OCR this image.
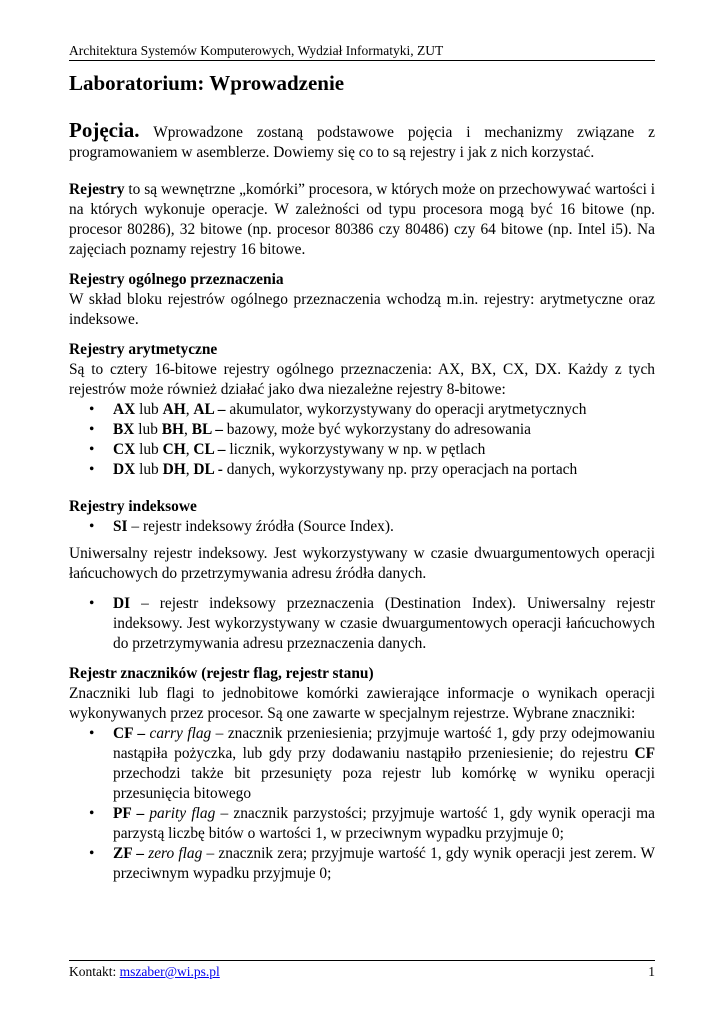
Architektura Systemów Komputerowych, Wydział Informatyki, ZUT
Laboratorium: Wprowadzenie

Pojęcia. Wprowadzone zostaną podstawowe pojęcia i mechanizmy związane z programowaniem w asemblerze. Dowiemy się co to są rejestry i jak z nich korzystać.

Rejestry to są wewnętrzne „komórki” procesora, w których może on przechowywać wartości i na których wykonuje operacje. W zależności od typu procesora mogą być 16 bitowe (np. procesor 80286), 32 bitowe (np. procesor 80386 czy 80486) czy 64 bitowe (np. Intel i5). Na zajęciach poznamy rejestry 16 bitowe.

Rejestry ogólnego przeznaczenia

W skład bloku rejestrów ogólnego przeznaczenia wchodzą m.in. rejestry: arytmetyczne oraz indeksowe.

Rejestry arytmetyczne

Są to cztery 16-bitowe rejestry ogólnego przeznaczenia: AX, BX, CX, DX. Każdy z tych rejestrów może również działać jako dwa niezależne rejestry 8-bitowe:

• AX lub AH, AL – akumulator, wykorzystywany do operacji arytmetycznych
• BX lub BH, BL – bazowy, może być wykorzystany do adresowania
• CX lub CH, CL – licznik, wykorzystywany w np. w pętlach
• DX lub DH, DL - danych, wykorzystywany np. przy operacjach na portach
Rejestry indeksowe
• SI – rejestr indeksowy źródła (Source Index).

Uniwersalny rejestr indeksowy. Jest wykorzystywany w czasie dwuargumentowych operacji łańcuchowych do przetrzymywania adresu źródła danych.

• DI – rejestr indeksowy przeznaczenia (Destination Index). Uniwersalny rejestr indeksowy. Jest wykorzystywany w czasie dwuargumentowych operacji łańcuchowych do przetrzymywania adresu przeznaczenia danych.
Rejestr znaczników (rejestr flag, rejestr stanu)

Znaczniki lub flagi to jednobitowe komórki zawierające informacje o wynikach operacji wykonywanych przez procesor. Są one zawarte w specjalnym rejestrze. Wybrane znaczniki:

• CF – carry flag – znacznik przeniesienia; przyjmuje wartość 1, gdy przy odejmowaniu nastąpiła pożyczka, lub gdy przy dodawaniu nastąpiło przeniesienie; do rejestru CF przechodzi także bit przesunięty poza rejestr lub komórkę w wyniku operacji przesunięcia bitowego
• PF – parity flag – znacznik parzystości; przyjmuje wartość 1, gdy wynik operacji ma parzystą liczbę bitów o wartości 1, w przeciwnym wypadku przyjmuje 0;
• ZF – zero flag – znacznik zera; przyjmuje wartość 1, gdy wynik operacji jest zerem. W przeciwnym wypadku przyjmuje 0;
Kontakt: mszaber@wi.ps.pl	1
